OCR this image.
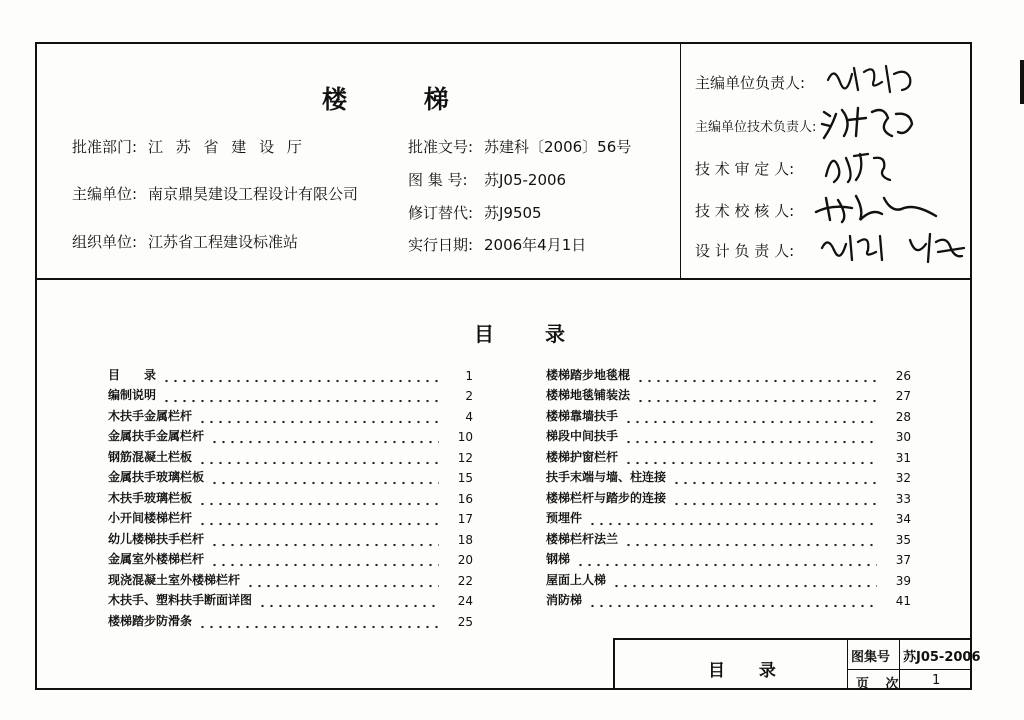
楼 梯
批准部门: 江 苏 省 建 设 厅
主编单位: 南京鼎昊建设工程设计有限公司
组织单位: 江苏省工程建设标准站
批准文号: 苏建科〔2006〕56号
图 集 号: 苏J05-2006
修订替代: 苏J9505
实行日期: 2006年4月1日
主编单位负责人:
主编单位技术负责人:
技 术 审 定 人:
技 术 校 核 人:
设 计 负 责 人:
目 录
目　　录	1
编制说明	2
木扶手金属栏杆	4
金属扶手金属栏杆	10
钢筋混凝土栏板	12
金属扶手玻璃栏板	15
木扶手玻璃栏板	16
小开间楼梯栏杆	17
幼儿楼梯扶手栏杆	18
金属室外楼梯栏杆	20
现浇混凝土室外楼梯栏杆	22
木扶手、塑料扶手断面详图	24
楼梯踏步防滑条	25
楼梯踏步地毯棍	26
楼梯地毯铺装法	27
楼梯靠墙扶手	28
梯段中间扶手	30
楼梯护窗栏杆	31
扶手末端与墙、柱连接	32
楼梯栏杆与踏步的连接	33
预埋件	34
楼梯栏杆法兰	35
钢梯	37
屋面上人梯	39
消防梯	41
目 录
图集号 苏J05-2006
页 次 1
